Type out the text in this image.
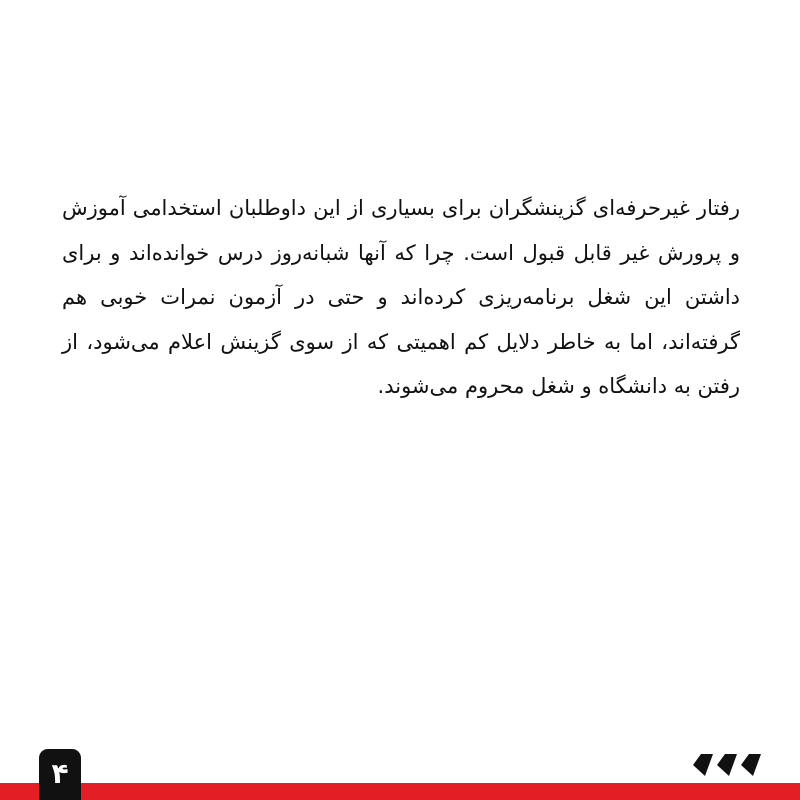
رفتار غیرحرفه‌ای گزینشگران برای بسیاری از این داوطلبان استخدامی آموزش و پرورش غیر قابل قبول است. چرا که آنها شبانه‌روز درس خوانده‌اند و برای داشتن این شغل برنامه‌ریزی کرده‌اند و حتی در آزمون نمرات خوبی هم گرفته‌اند، اما به خاطر دلایل کم اهمیتی که از سوی گزینش اعلام می‌شود، از رفتن به دانشگاه و شغل محروم می‌شوند.

۴
